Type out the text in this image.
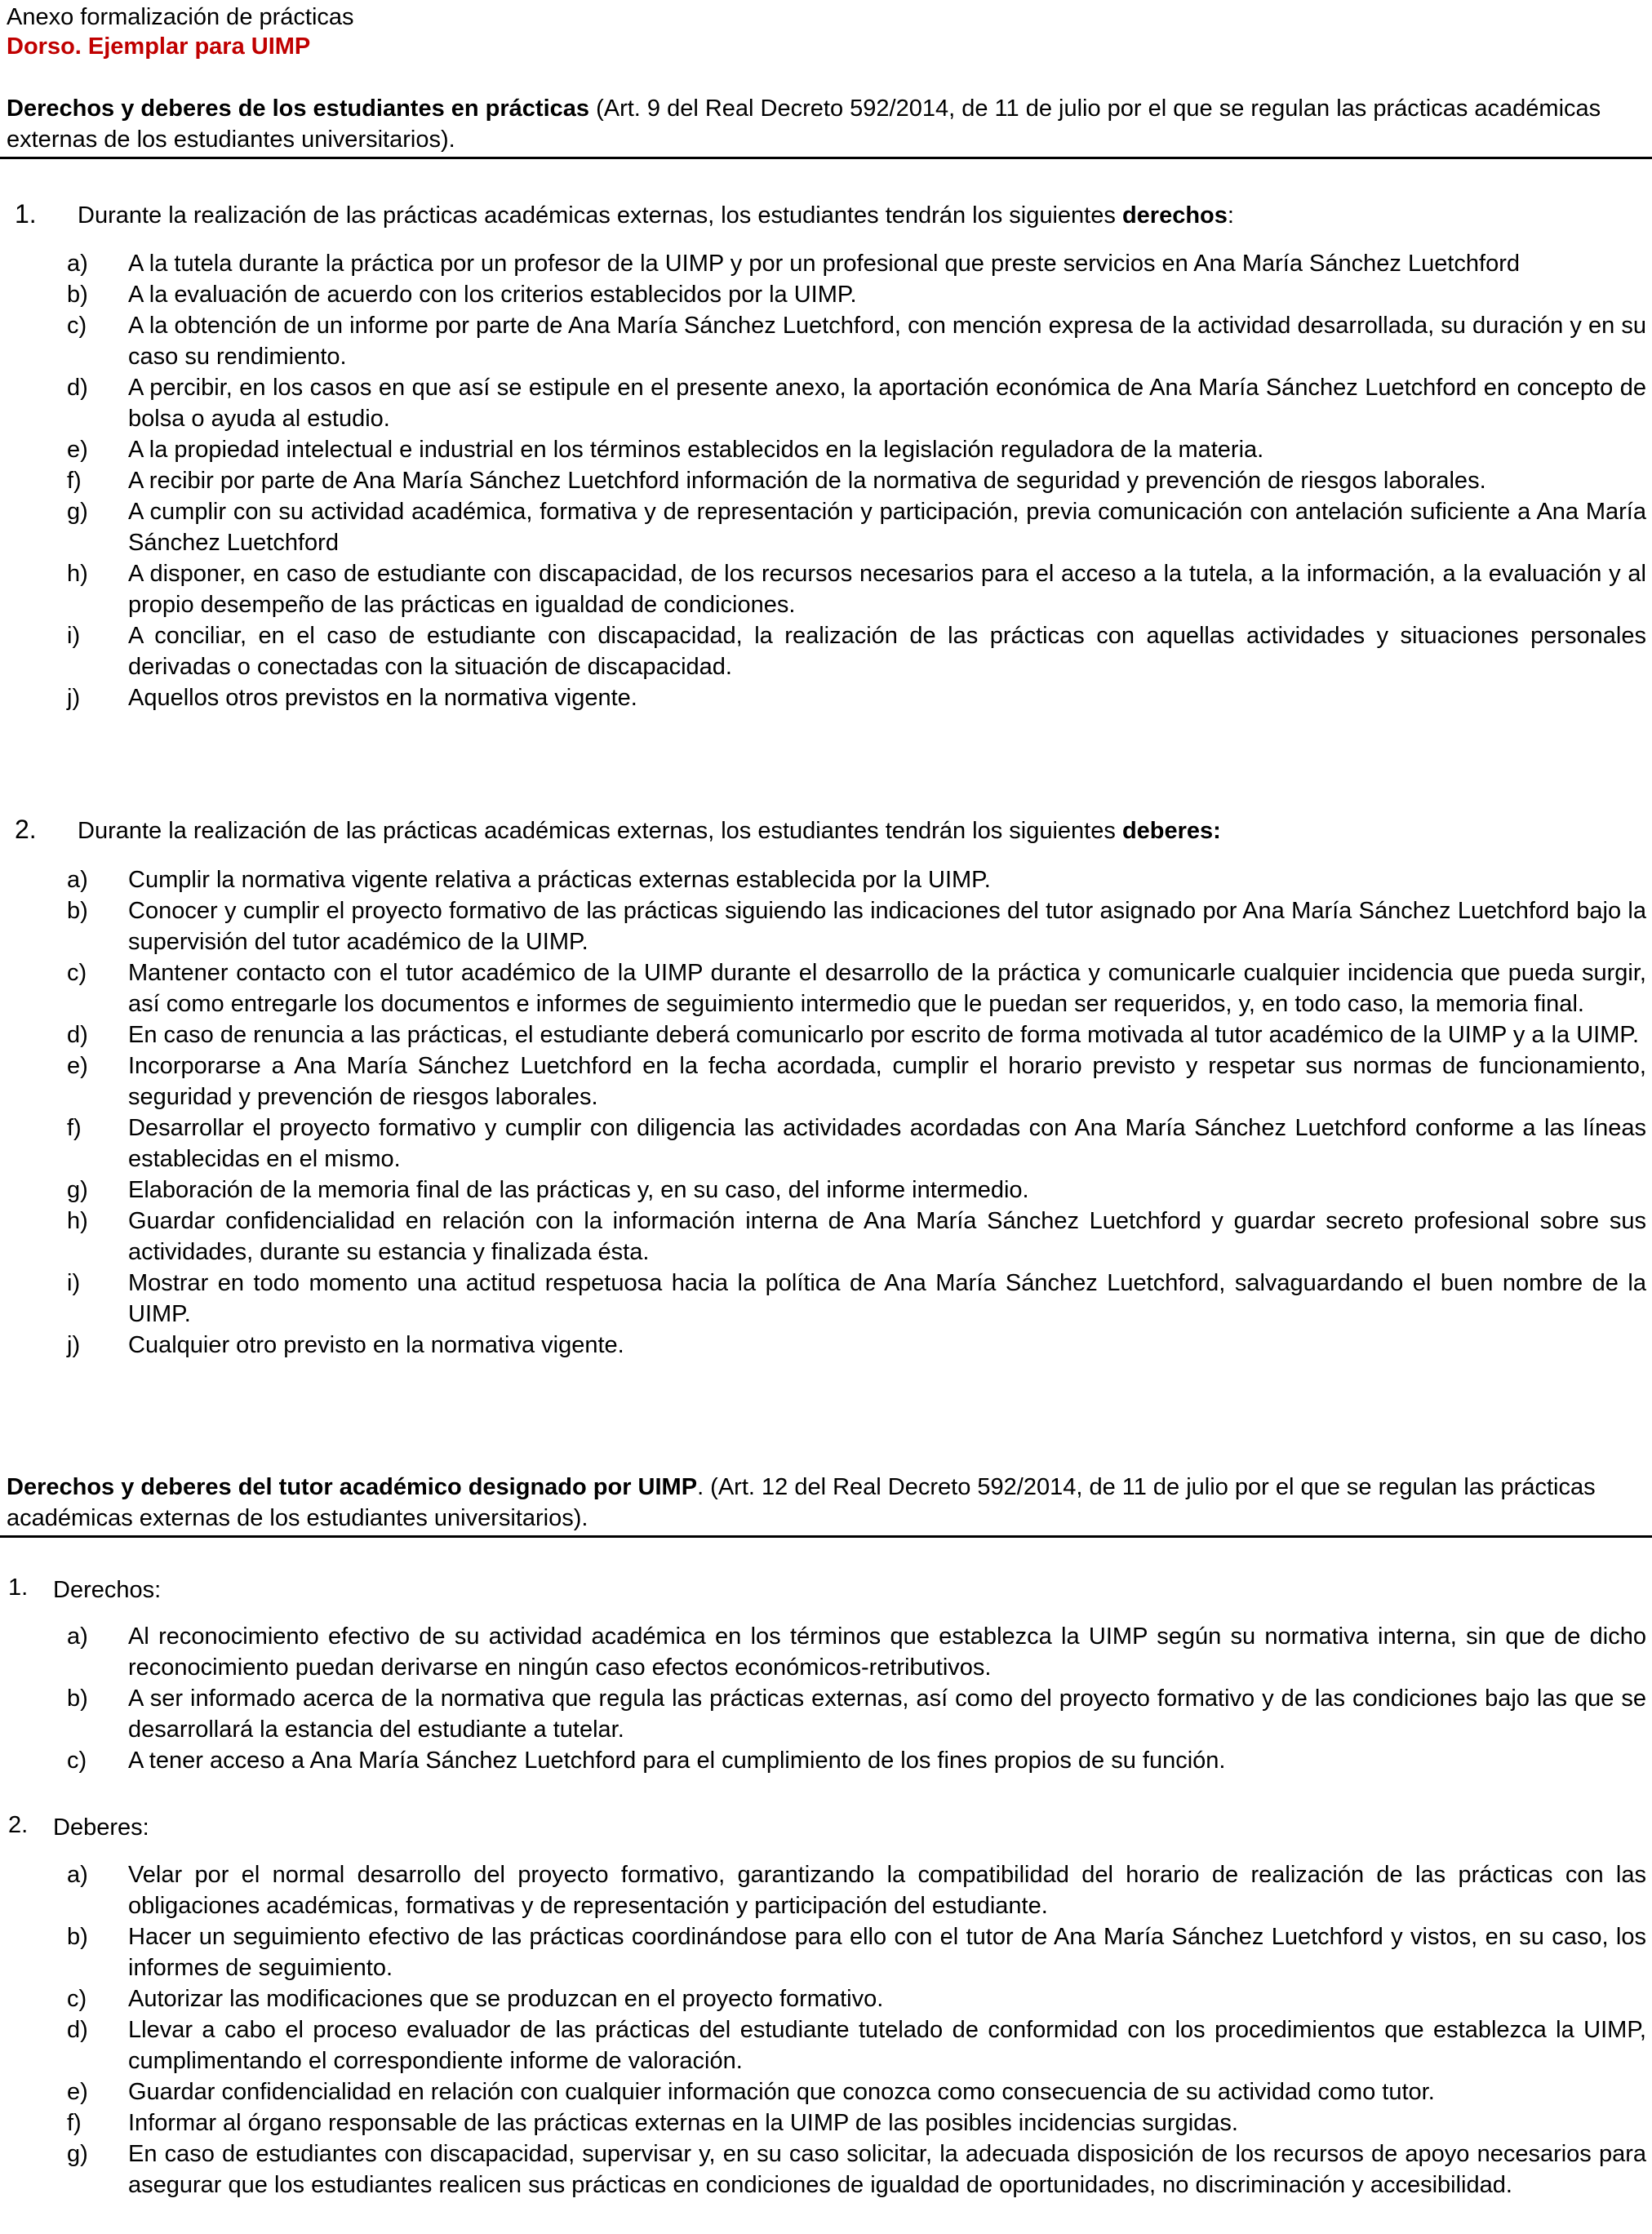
Anexo formalización de prácticas
Dorso. Ejemplar para UIMP
Derechos y deberes de los estudiantes en prácticas (Art. 9 del Real Decreto 592/2014, de 11 de julio por el que se regulan las prácticas académicas externas de los estudiantes universitarios).
1. Durante la realización de las prácticas académicas externas, los estudiantes tendrán los siguientes derechos:
a) A la tutela durante la práctica por un profesor de la UIMP y por un profesional que preste servicios en Ana María Sánchez Luetchford
b) A la evaluación de acuerdo con los criterios establecidos por la UIMP.
c) A la obtención de un informe por parte de Ana María Sánchez Luetchford, con mención expresa de la actividad desarrollada, su duración y en su caso su rendimiento.
d) A percibir, en los casos en que así se estipule en el presente anexo, la aportación económica de Ana María Sánchez Luetchford en concepto de bolsa o ayuda al estudio.
e) A la propiedad intelectual e industrial en los términos establecidos en la legislación reguladora de la materia.
f) A recibir por parte de Ana María Sánchez Luetchford información de la normativa de seguridad y prevención de riesgos laborales.
g) A cumplir con su actividad académica, formativa y de representación y participación, previa comunicación con antelación suficiente a Ana María Sánchez Luetchford
h) A disponer, en caso de estudiante con discapacidad, de los recursos necesarios para el acceso a la tutela, a la información, a la evaluación y al propio desempeño de las prácticas en igualdad de condiciones.
i) A conciliar, en el caso de estudiante con discapacidad, la realización de las prácticas con aquellas actividades y situaciones personales derivadas o conectadas con la situación de discapacidad.
j) Aquellos otros previstos en la normativa vigente.
2. Durante la realización de las prácticas académicas externas, los estudiantes tendrán los siguientes deberes:
a) Cumplir la normativa vigente relativa a prácticas externas establecida por la UIMP.
b) Conocer y cumplir el proyecto formativo de las prácticas siguiendo las indicaciones del tutor asignado por Ana María Sánchez Luetchford bajo la supervisión del tutor académico de la UIMP.
c) Mantener contacto con el tutor académico de la UIMP durante el desarrollo de la práctica y comunicarle cualquier incidencia que pueda surgir, así como entregarle los documentos e informes de seguimiento intermedio que le puedan ser requeridos, y, en todo caso, la memoria final.
d) En caso de renuncia a las prácticas, el estudiante deberá comunicarlo por escrito de forma motivada al tutor académico de la UIMP y a la UIMP.
e) Incorporarse a Ana María Sánchez Luetchford en la fecha acordada, cumplir el horario previsto y respetar sus normas de funcionamiento, seguridad y prevención de riesgos laborales.
f) Desarrollar el proyecto formativo y cumplir con diligencia las actividades acordadas con Ana María Sánchez Luetchford conforme a las líneas establecidas en el mismo.
g) Elaboración de la memoria final de las prácticas y, en su caso, del informe intermedio.
h) Guardar confidencialidad en relación con la información interna de Ana María Sánchez Luetchford y guardar secreto profesional sobre sus actividades, durante su estancia y finalizada ésta.
i) Mostrar en todo momento una actitud respetuosa hacia la política de Ana María Sánchez Luetchford, salvaguardando el buen nombre de la UIMP.
j) Cualquier otro previsto en la normativa vigente.
Derechos y deberes del tutor académico designado por UIMP. (Art. 12 del Real Decreto 592/2014, de 11 de julio por el que se regulan las prácticas académicas externas de los estudiantes universitarios).
1. Derechos:
a) Al reconocimiento efectivo de su actividad académica en los términos que establezca la UIMP según su normativa interna, sin que de dicho reconocimiento puedan derivarse en ningún caso efectos económicos-retributivos.
b) A ser informado acerca de la normativa que regula las prácticas externas, así como del proyecto formativo y de las condiciones bajo las que se desarrollará la estancia del estudiante a tutelar.
c) A tener acceso a Ana María Sánchez Luetchford para el cumplimiento de los fines propios de su función.
2. Deberes:
a) Velar por el normal desarrollo del proyecto formativo, garantizando la compatibilidad del horario de realización de las prácticas con las obligaciones académicas, formativas y de representación y participación del estudiante.
b) Hacer un seguimiento efectivo de las prácticas coordinándose para ello con el tutor de Ana María Sánchez Luetchford y vistos, en su caso, los informes de seguimiento.
c) Autorizar las modificaciones que se produzcan en el proyecto formativo.
d) Llevar a cabo el proceso evaluador de las prácticas del estudiante tutelado de conformidad con los procedimientos que establezca la UIMP, cumplimentando el correspondiente informe de valoración.
e) Guardar confidencialidad en relación con cualquier información que conozca como consecuencia de su actividad como tutor.
f) Informar al órgano responsable de las prácticas externas en la UIMP de las posibles incidencias surgidas.
g) En caso de estudiantes con discapacidad, supervisar y, en su caso solicitar, la adecuada disposición de los recursos de apoyo necesarios para asegurar que los estudiantes realicen sus prácticas en condiciones de igualdad de oportunidades, no discriminación y accesibilidad.
